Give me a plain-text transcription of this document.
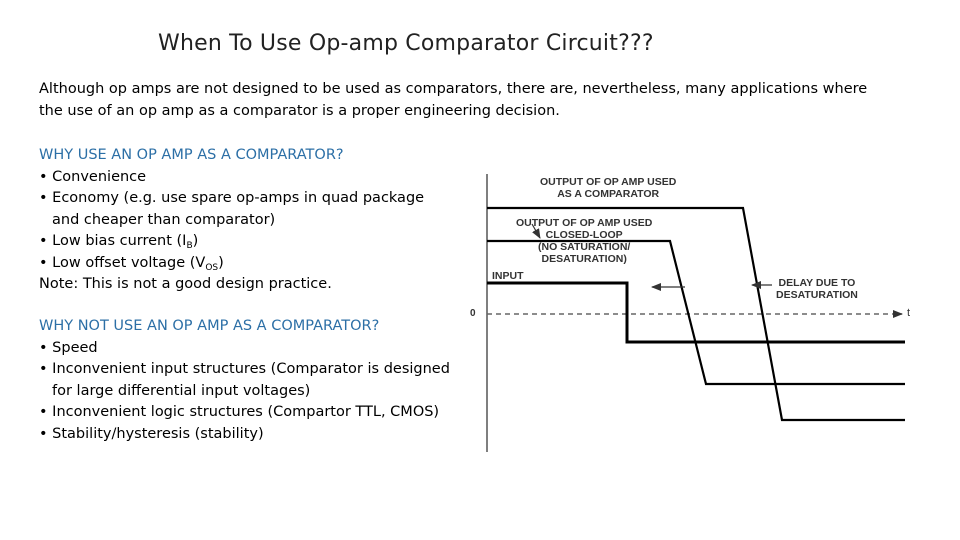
When To Use Op-amp Comparator Circuit???
Although op amps are not designed to be used as comparators, there are, nevertheless, many applications where
the use of an op amp as a comparator is a proper engineering decision.
WHY USE AN OP AMP AS A COMPARATOR?
• Convenience
• Economy (e.g. use spare op-amps in quad package
and cheaper than comparator)
• Low bias current $(I_B)$
• Low offset voltage $(V_{OS})$
Note: This is not a good design practice.
WHY NOT USE AN OP AMP AS A COMPARATOR?
• Speed
• Inconvenient input structures (Comparator is designed
for large differential input voltages)
• Inconvenient logic structures (Compartor TTL, CMOS)
• Stability/hysteresis (stability)
OUTPUT OF OP AMP USED
AS A COMPARATOR
OUTPUT OF OP AMP USED
CLOSED-LOOP
(NO SATURATION/
DESATURATION)
INPUT
DELAY DUE TO
DESATURATION
0	t
